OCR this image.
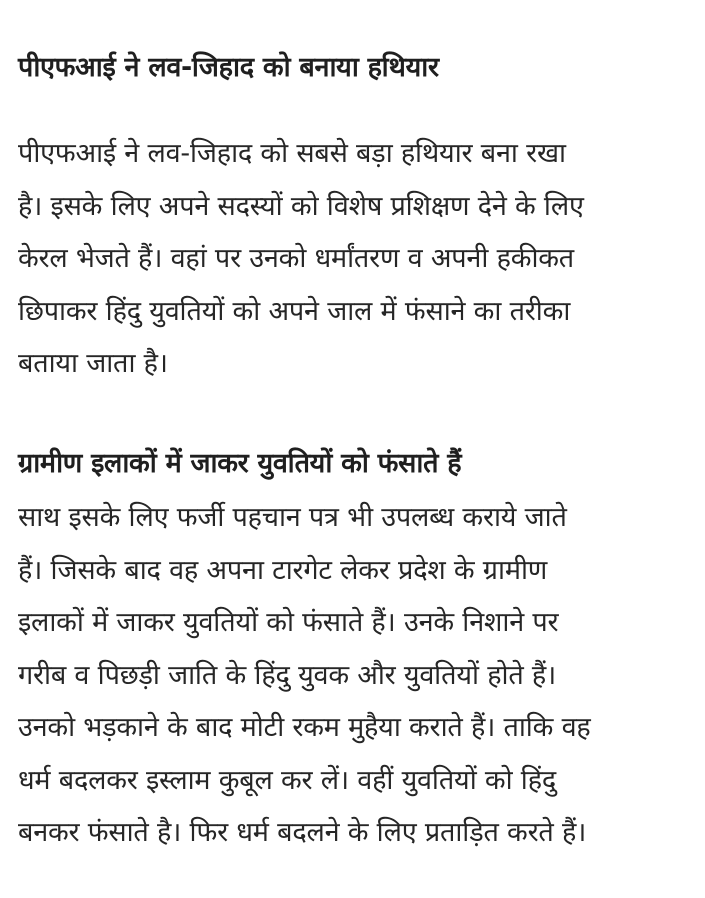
पीएफआई ने लव-जिहाद को बनाया हथियार

पीएफआई ने लव-जिहाद को सबसे बड़ा हथियार बना रखा
है। इसके लिए अपने सदस्यों को विशेष प्रशिक्षण देने के लिए
केरल भेजते हैं। वहां पर उनको धर्मांतरण व अपनी हकीकत
छिपाकर हिंदु युवतियों को अपने जाल में फंसाने का तरीका
बताया जाता है।

ग्रामीण इलाकों में जाकर युवतियों को फंसाते हैं

साथ इसके लिए फर्जी पहचान पत्र भी उपलब्ध कराये जाते
हैं। जिसके बाद वह अपना टारगेट लेकर प्रदेश के ग्रामीण
इलाकों में जाकर युवतियों को फंसाते हैं। उनके निशाने पर
गरीब व पिछड़ी जाति के हिंदु युवक और युवतियों होते हैं।
उनको भड़काने के बाद मोटी रकम मुहैया कराते हैं। ताकि वह
धर्म बदलकर इस्लाम कुबूल कर लें। वहीं युवतियों को हिंदु
बनकर फंसाते है। फिर धर्म बदलने के लिए प्रताड़ित करते हैं।
